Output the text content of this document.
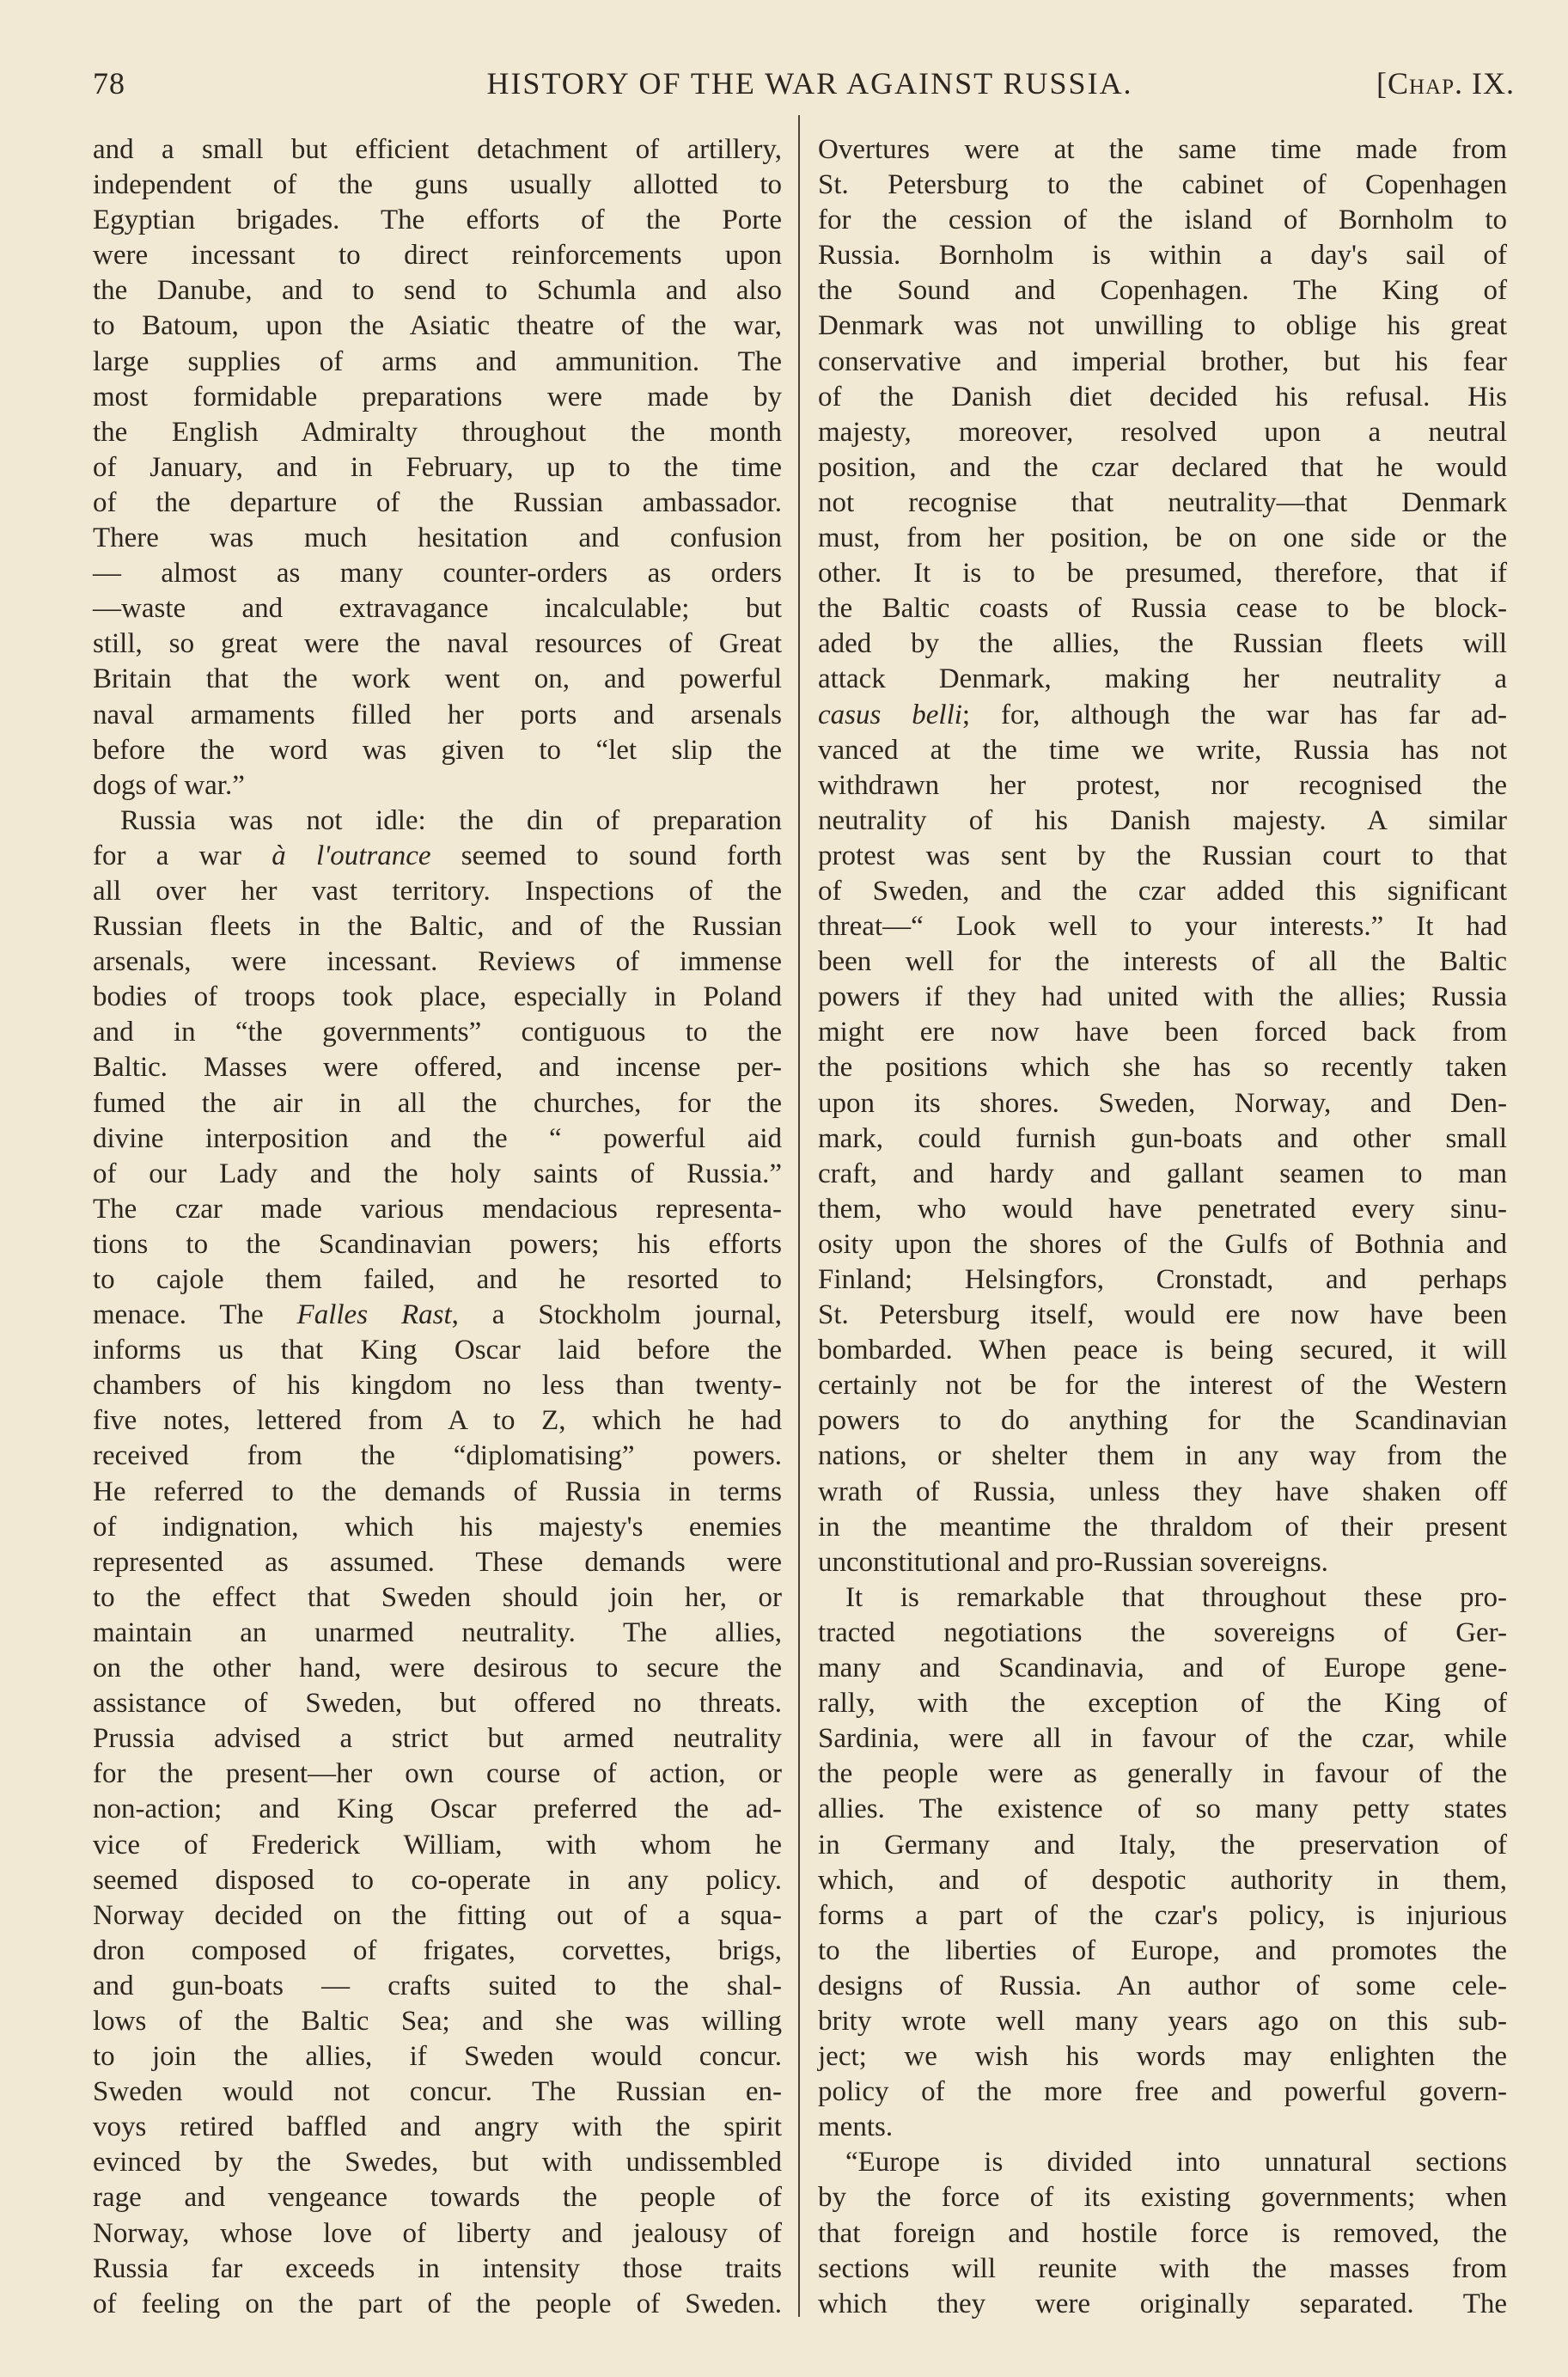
78	HISTORY OF THE WAR AGAINST RUSSIA.	[Chap. IX.
and a small but efficient detachment of artillery,
independent of the guns usually allotted to
Egyptian brigades. The efforts of the Porte
were incessant to direct reinforcements upon
the Danube, and to send to Schumla and also
to Batoum, upon the Asiatic theatre of the war,
large supplies of arms and ammunition. The
most formidable preparations were made by
the English Admiralty throughout the month
of January, and in February, up to the time
of the departure of the Russian ambassador.
There was much hesitation and confusion
— almost as many counter-orders as orders
—waste and extravagance incalculable; but
still, so great were the naval resources of Great
Britain that the work went on, and powerful
naval armaments filled her ports and arsenals
before the word was given to “let slip the
dogs of war.”
Russia was not idle: the din of preparation
for a war à l'outrance seemed to sound forth
all over her vast territory. Inspections of the
Russian fleets in the Baltic, and of the Russian
arsenals, were incessant. Reviews of immense
bodies of troops took place, especially in Poland
and in “the governments” contiguous to the
Baltic. Masses were offered, and incense per-
fumed the air in all the churches, for the
divine interposition and the “ powerful aid
of our Lady and the holy saints of Russia.”
The czar made various mendacious representa-
tions to the Scandinavian powers; his efforts
to cajole them failed, and he resorted to
menace. The Falles Rast, a Stockholm journal,
informs us that King Oscar laid before the
chambers of his kingdom no less than twenty-
five notes, lettered from A to Z, which he had
received from the “diplomatising” powers.
He referred to the demands of Russia in terms
of indignation, which his majesty's enemies
represented as assumed. These demands were
to the effect that Sweden should join her, or
maintain an unarmed neutrality. The allies,
on the other hand, were desirous to secure the
assistance of Sweden, but offered no threats.
Prussia advised a strict but armed neutrality
for the present—her own course of action, or
non-action; and King Oscar preferred the ad-
vice of Frederick William, with whom he
seemed disposed to co-operate in any policy.
Norway decided on the fitting out of a squa-
dron composed of frigates, corvettes, brigs,
and gun-boats — crafts suited to the shal-
lows of the Baltic Sea; and she was willing
to join the allies, if Sweden would concur.
Sweden would not concur. The Russian en-
voys retired baffled and angry with the spirit
evinced by the Swedes, but with undissembled
rage and vengeance towards the people of
Norway, whose love of liberty and jealousy of
Russia far exceeds in intensity those traits
of feeling on the part of the people of Sweden.
Overtures were at the same time made from
St. Petersburg to the cabinet of Copenhagen
for the cession of the island of Bornholm to
Russia. Bornholm is within a day's sail of
the Sound and Copenhagen. The King of
Denmark was not unwilling to oblige his great
conservative and imperial brother, but his fear
of the Danish diet decided his refusal. His
majesty, moreover, resolved upon a neutral
position, and the czar declared that he would
not recognise that neutrality—that Denmark
must, from her position, be on one side or the
other. It is to be presumed, therefore, that if
the Baltic coasts of Russia cease to be block-
aded by the allies, the Russian fleets will
attack Denmark, making her neutrality a
casus belli; for, although the war has far ad-
vanced at the time we write, Russia has not
withdrawn her protest, nor recognised the
neutrality of his Danish majesty. A similar
protest was sent by the Russian court to that
of Sweden, and the czar added this significant
threat—“ Look well to your interests.” It had
been well for the interests of all the Baltic
powers if they had united with the allies; Russia
might ere now have been forced back from
the positions which she has so recently taken
upon its shores. Sweden, Norway, and Den-
mark, could furnish gun-boats and other small
craft, and hardy and gallant seamen to man
them, who would have penetrated every sinu-
osity upon the shores of the Gulfs of Bothnia and
Finland; Helsingfors, Cronstadt, and perhaps
St. Petersburg itself, would ere now have been
bombarded. When peace is being secured, it will
certainly not be for the interest of the Western
powers to do anything for the Scandinavian
nations, or shelter them in any way from the
wrath of Russia, unless they have shaken off
in the meantime the thraldom of their present
unconstitutional and pro-Russian sovereigns.
It is remarkable that throughout these pro-
tracted negotiations the sovereigns of Ger-
many and Scandinavia, and of Europe gene-
rally, with the exception of the King of
Sardinia, were all in favour of the czar, while
the people were as generally in favour of the
allies. The existence of so many petty states
in Germany and Italy, the preservation of
which, and of despotic authority in them,
forms a part of the czar's policy, is injurious
to the liberties of Europe, and promotes the
designs of Russia. An author of some cele-
brity wrote well many years ago on this sub-
ject; we wish his words may enlighten the
policy of the more free and powerful govern-
ments.
“Europe is divided into unnatural sections
by the force of its existing governments; when
that foreign and hostile force is removed, the
sections will reunite with the masses from
which they were originally separated. The
